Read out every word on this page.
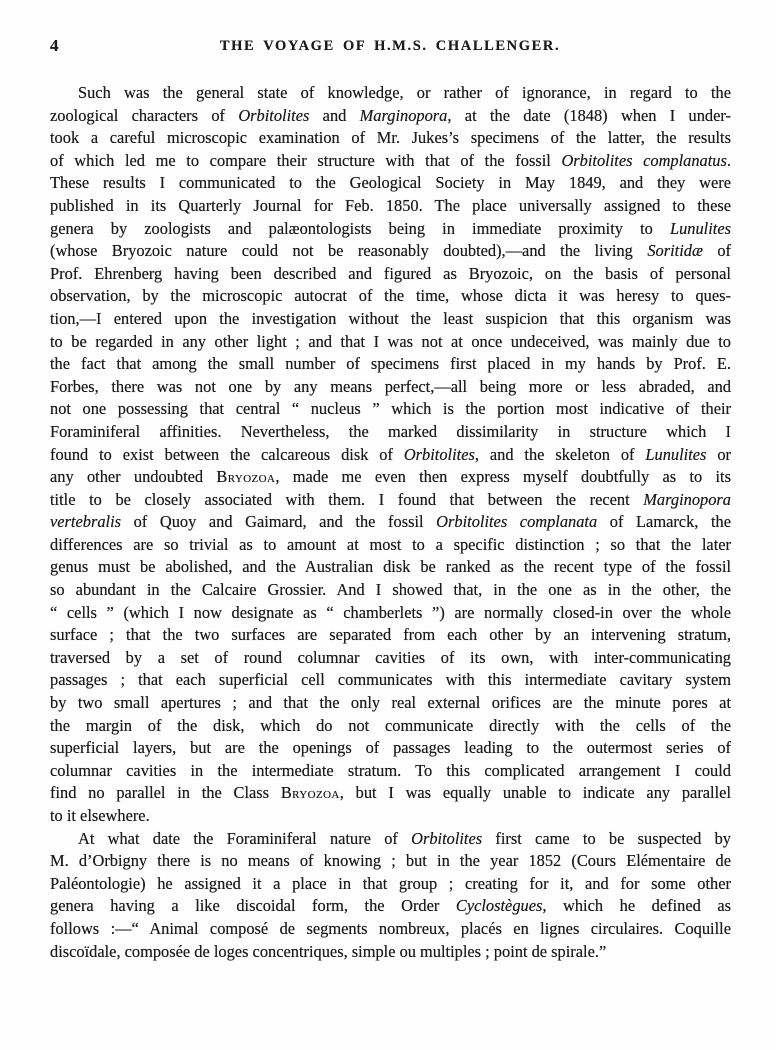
4	THE VOYAGE OF H.M.S. CHALLENGER.
Such was the general state of knowledge, or rather of ignorance, in regard to the
zoological characters of Orbitolites and Marginopora, at the date (1848) when I under-
took a careful microscopic examination of Mr. Jukes’s specimens of the latter, the results
of which led me to compare their structure with that of the fossil Orbitolites complanatus.
These results I communicated to the Geological Society in May 1849, and they were
published in its Quarterly Journal for Feb. 1850. The place universally assigned to these
genera by zoologists and palæontologists being in immediate proximity to Lunulites
(whose Bryozoic nature could not be reasonably doubted),—and the living Soritidæ of
Prof. Ehrenberg having been described and figured as Bryozoic, on the basis of personal
observation, by the microscopic autocrat of the time, whose dicta it was heresy to ques-
tion,—I entered upon the investigation without the least suspicion that this organism was
to be regarded in any other light ; and that I was not at once undeceived, was mainly due to
the fact that among the small number of specimens first placed in my hands by Prof. E.
Forbes, there was not one by any means perfect,—all being more or less abraded, and
not one possessing that central “ nucleus ” which is the portion most indicative of their
Foraminiferal affinities. Nevertheless, the marked dissimilarity in structure which I
found to exist between the calcareous disk of Orbitolites, and the skeleton of Lunulites or
any other undoubted Bryozoa, made me even then express myself doubtfully as to its
title to be closely associated with them. I found that between the recent Marginopora
vertebralis of Quoy and Gaimard, and the fossil Orbitolites complanata of Lamarck, the
differences are so trivial as to amount at most to a specific distinction ; so that the later
genus must be abolished, and the Australian disk be ranked as the recent type of the fossil
so abundant in the Calcaire Grossier. And I showed that, in the one as in the other, the
“ cells ” (which I now designate as “ chamberlets ”) are normally closed-in over the whole
surface ; that the two surfaces are separated from each other by an intervening stratum,
traversed by a set of round columnar cavities of its own, with inter-communicating
passages ; that each superficial cell communicates with this intermediate cavitary system
by two small apertures ; and that the only real external orifices are the minute pores at
the margin of the disk, which do not communicate directly with the cells of the
superficial layers, but are the openings of passages leading to the outermost series of
columnar cavities in the intermediate stratum. To this complicated arrangement I could
find no parallel in the Class Bryozoa, but I was equally unable to indicate any parallel
to it elsewhere.
At what date the Foraminiferal nature of Orbitolites first came to be suspected by
M. d’Orbigny there is no means of knowing ; but in the year 1852 (Cours Elémentaire de
Paléontologie) he assigned it a place in that group ; creating for it, and for some other
genera having a like discoidal form, the Order Cyclostègues, which he defined as
follows :—“ Animal composé de segments nombreux, placés en lignes circulaires. Coquille
discoïdale, composée de loges concentriques, simple ou multiples ; point de spirale.”
